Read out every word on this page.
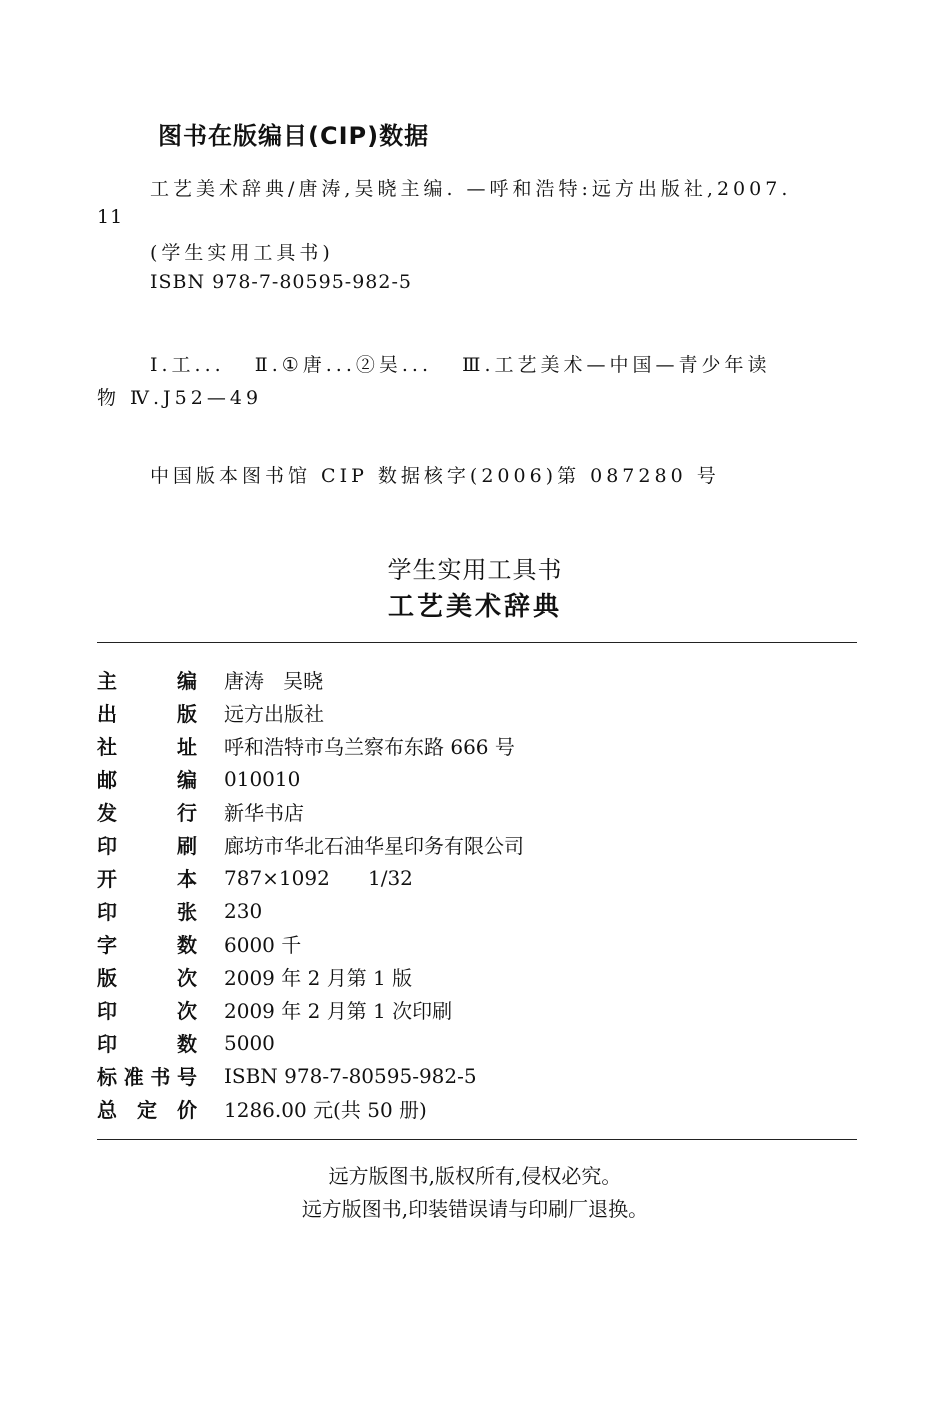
图书在版编目(CIP)数据
工艺美术辞典/唐涛,吴晓主编. —呼和浩特:远方出版社,2007.
11
(学生实用工具书)
ISBN 978-7-80595-982-5
Ⅰ.工...   Ⅱ.①唐...②吴...   Ⅲ.工艺美术—中国—青少年读
物 Ⅳ.J52—49
中国版本图书馆 CIP 数据核字(2006)第 087280 号
学生实用工具书
工艺美术辞典
主	编 唐涛   吴晓
出	版 远方出版社
社	址 呼和浩特市乌兰察布东路 666 号
邮	编 010010
发	行 新华书店
印	刷 廊坊市华北石油华星印务有限公司
开	本 787×1092      1/32
印	张 230
字	数 6000 千
版	次 2009 年 2 月第 1 版
印	次 2009 年 2 月第 1 次印刷
印	数 5000
标 准 书 号 ISBN 978-7-80595-982-5
总 定 价 1286.00 元(共 50 册)
远方版图书,版权所有,侵权必究。
远方版图书,印装错误请与印刷厂退换。
